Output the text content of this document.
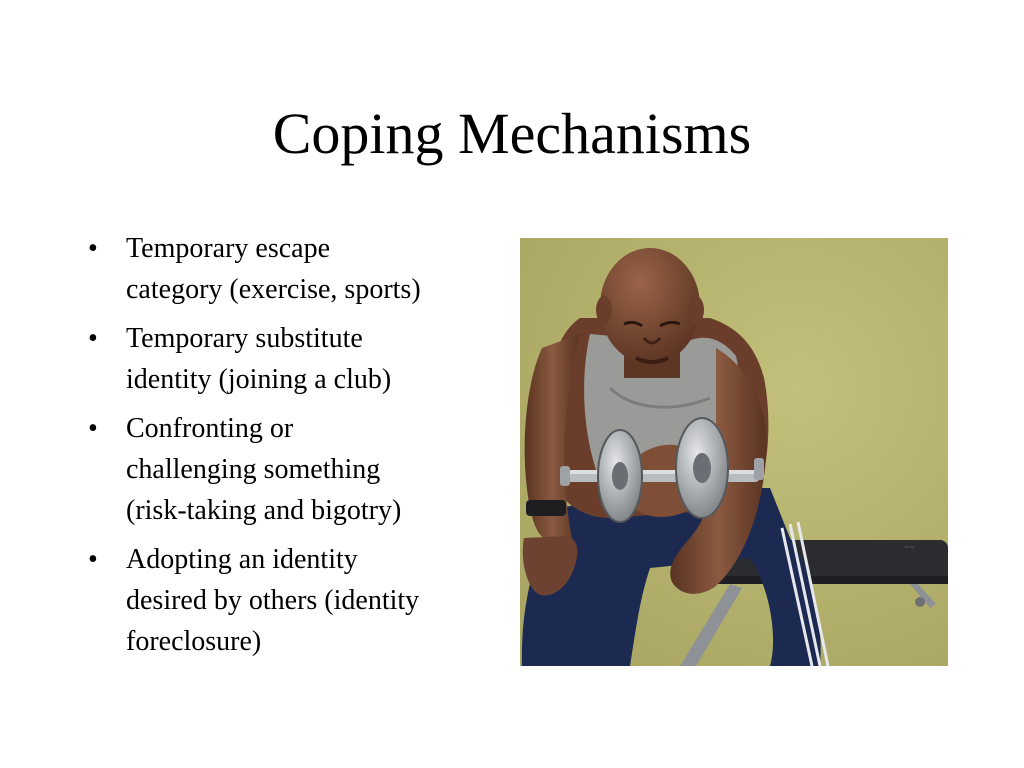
Coping Mechanisms
• Temporary escape
category (exercise, sports)
• Temporary substitute
identity (joining a club)
• Confronting or
challenging something
(risk-taking and bigotry)
• Adopting an identity
desired by others (identity
foreclosure)
~~
